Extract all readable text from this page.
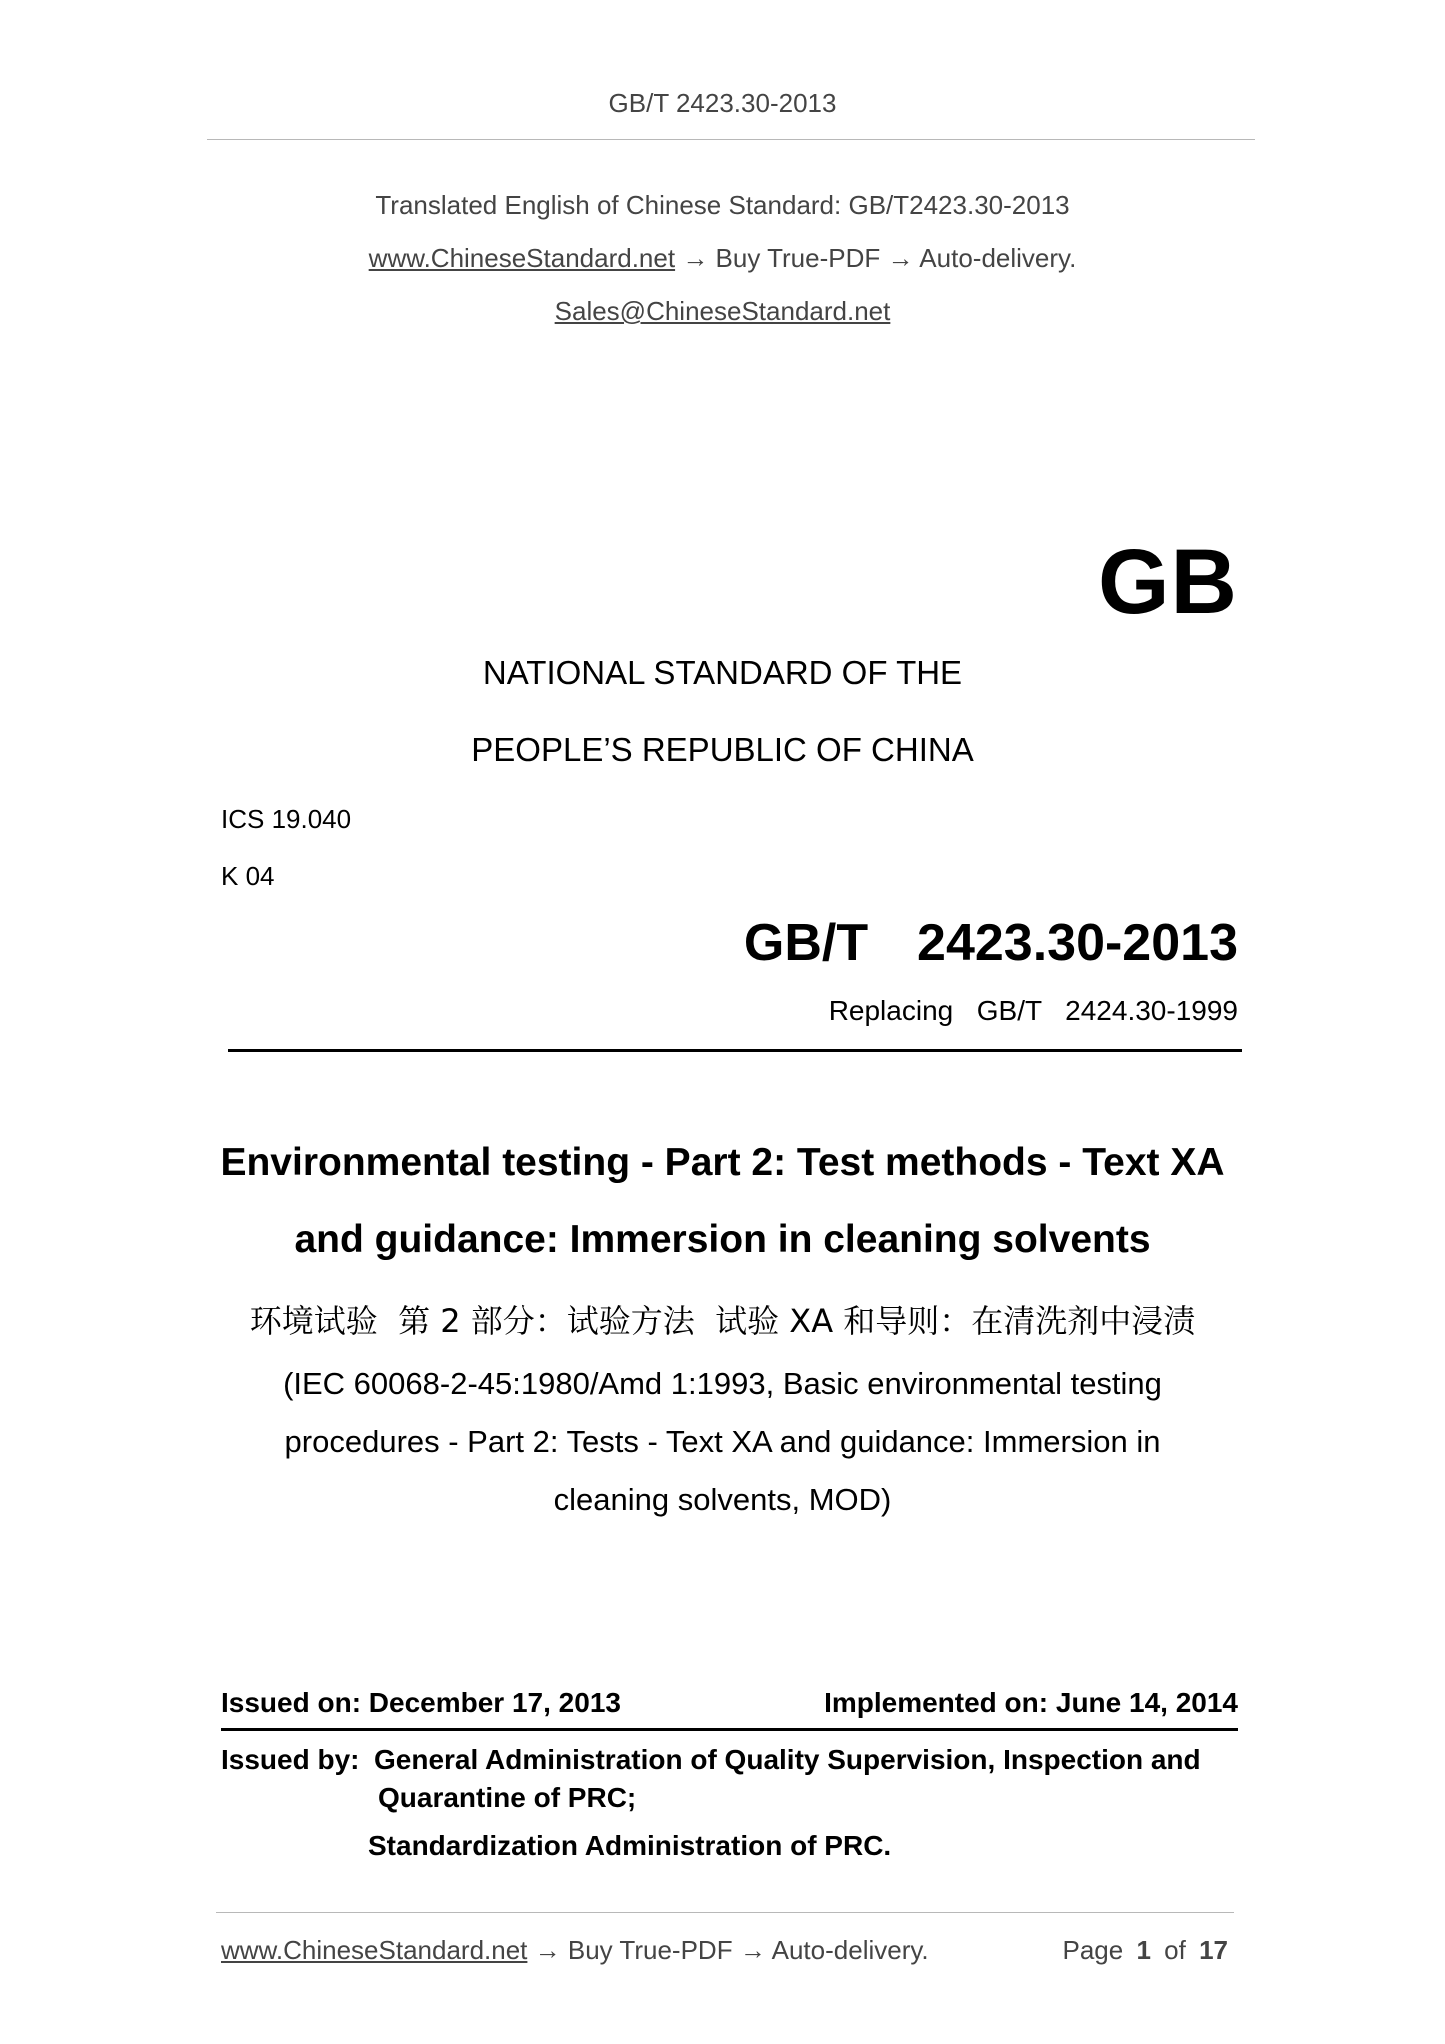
GB/T 2423.30-2013
Translated English of Chinese Standard: GB/T2423.30-2013
www.ChineseStandard.net → Buy True-PDF → Auto-delivery.
Sales@ChineseStandard.net
GB
NATIONAL STANDARD OF THE
PEOPLE’S REPUBLIC OF CHINA
ICS 19.040
K 04
GB/T  2423.30-2013
Replacing  GB/T  2424.30-1999
Environmental testing - Part 2: Test methods - Text XA
and guidance: Immersion in cleaning solvents
环境试验  第 2 部分：试验方法  试验 XA 和导则：在清洗剂中浸渍
(IEC 60068-2-45:1980/Amd 1:1993, Basic environmental testing
procedures - Part 2: Tests - Text XA and guidance: Immersion in
cleaning solvents, MOD)
Issued on: December 17, 2013	Implemented on: June 14, 2014
Issued by: General Administration of Quality Supervision, Inspection and
Quarantine of PRC;
Standardization Administration of PRC.
www.ChineseStandard.net → Buy True-PDF → Auto-delivery.	Page 1 of 17
